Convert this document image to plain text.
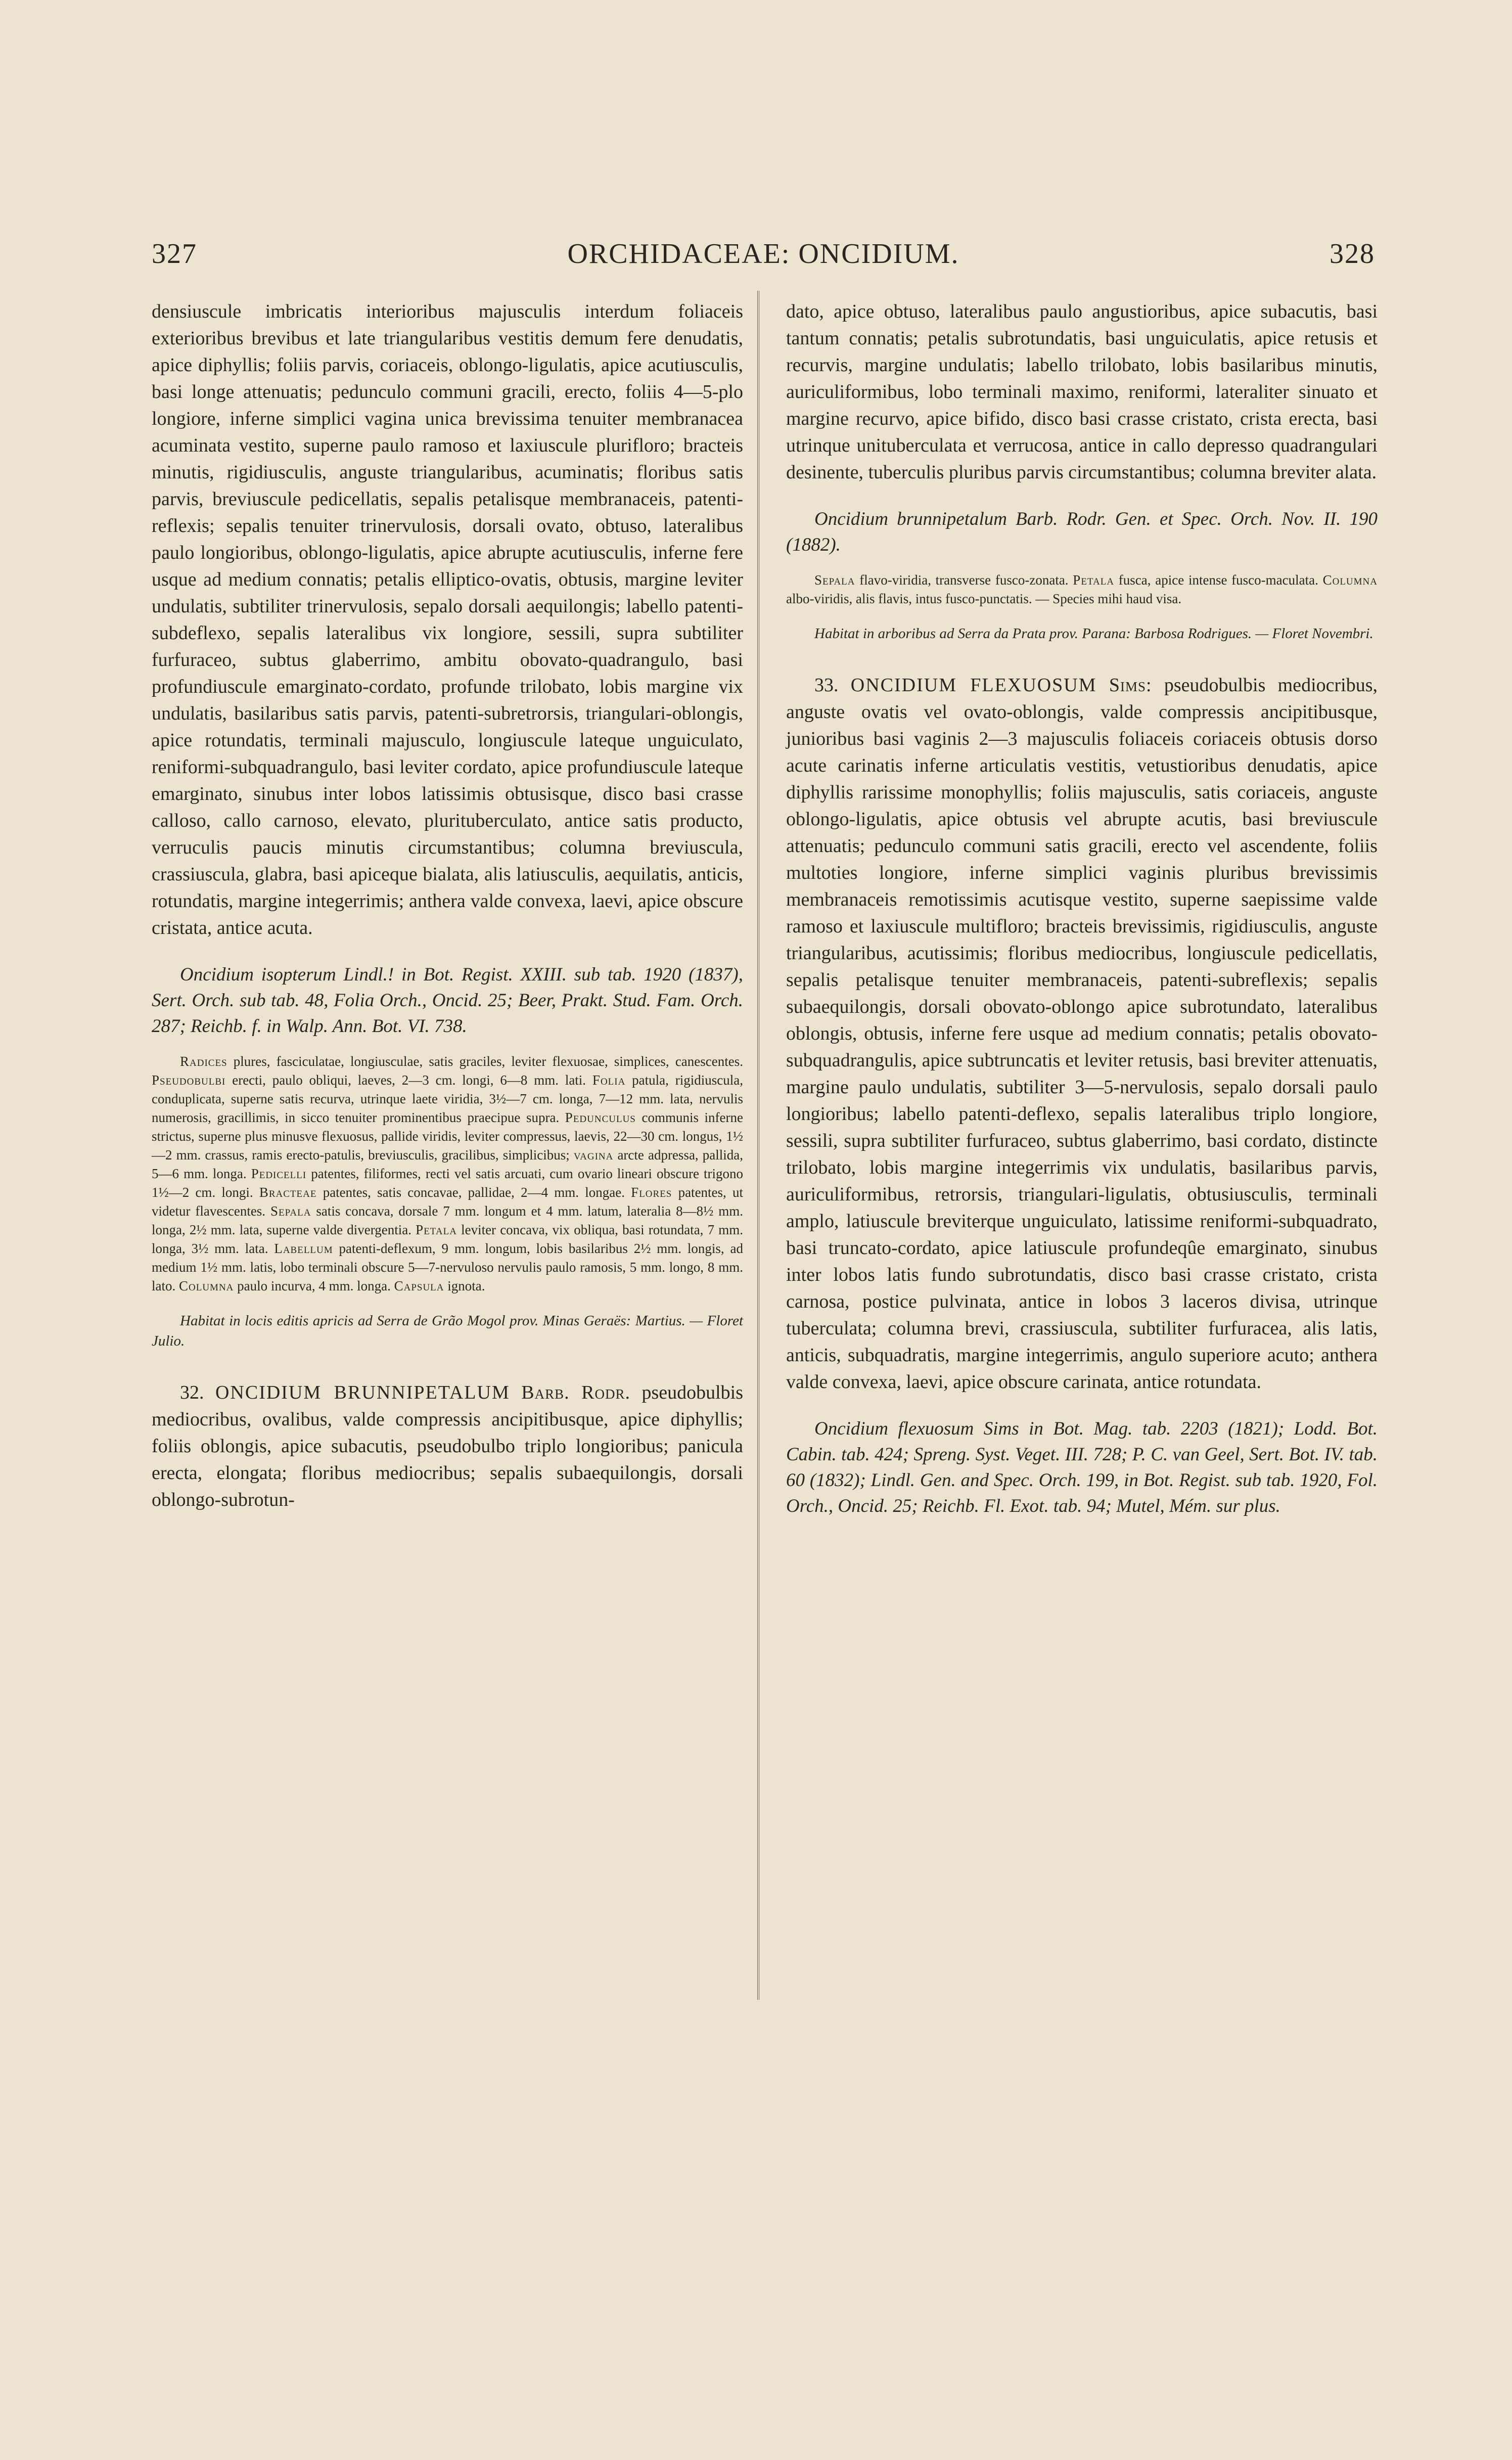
327	ORCHIDACEAE: ONCIDIUM.	328

densiuscule imbricatis interioribus majusculis interdum foliaceis exterioribus brevibus et late triangularibus vestitis demum fere denudatis, apice diphyllis; foliis parvis, coriaceis, oblongo-ligulatis, apice acutiusculis, basi longe attenuatis; pedunculo communi gracili, erecto, foliis 4—5-plo longiore, inferne simplici vagina unica brevissima tenuiter membranacea acuminata vestito, superne paulo ramoso et laxiuscule plurifloro; bracteis minutis, rigidiusculis, anguste triangularibus, acuminatis; floribus satis parvis, breviuscule pedicellatis, sepalis petalisque membranaceis, patenti-reflexis; sepalis tenuiter trinervulosis, dorsali ovato, obtuso, lateralibus paulo longioribus, oblongo-ligulatis, apice abrupte acutiusculis, inferne fere usque ad medium connatis; petalis elliptico-ovatis, obtusis, margine leviter undulatis, subtiliter trinervulosis, sepalo dorsali aequilongis; labello patenti-subdeflexo, sepalis lateralibus vix longiore, sessili, supra subtiliter furfuraceo, subtus glaberrimo, ambitu obovato-quadrangulo, basi profundiuscule emarginato-cordato, profunde trilobato, lobis margine vix undulatis, basilaribus satis parvis, patenti-subretrorsis, triangulari-oblongis, apice rotundatis, terminali majusculo, longiuscule lateque unguiculato, reniformi-subquadrangulo, basi leviter cordato, apice profundiuscule lateque emarginato, sinubus inter lobos latissimis obtusisque, disco basi crasse calloso, callo carnoso, elevato, plurituberculato, antice satis producto, verruculis paucis minutis circumstantibus; columna breviuscula, crassiuscula, glabra, basi apiceque bialata, alis latiusculis, aequilatis, anticis, rotundatis, margine integerrimis; anthera valde convexa, laevi, apice obscure cristata, antice acuta.

Oncidium isopterum Lindl.! in Bot. Regist. XXIII. sub tab. 1920 (1837), Sert. Orch. sub tab. 48, Folia Orch., Oncid. 25; Beer, Prakt. Stud. Fam. Orch. 287; Reichb. f. in Walp. Ann. Bot. VI. 738.

Radices plures, fasciculatae, longiusculae, satis graciles, leviter flexuosae, simplices, canescentes. Pseudobulbi erecti, paulo obliqui, laeves, 2—3 cm. longi, 6—8 mm. lati. Folia patula, rigidiuscula, conduplicata, superne satis recurva, utrinque laete viridia, 3½—7 cm. longa, 7—12 mm. lata, nervulis numerosis, gracillimis, in sicco tenuiter prominentibus praecipue supra. Pedunculus communis inferne strictus, superne plus minusve flexuosus, pallide viridis, leviter compressus, laevis, 22—30 cm. longus, 1½—2 mm. crassus, ramis erecto-patulis, breviusculis, gracilibus, simplicibus; vagina arcte adpressa, pallida, 5—6 mm. longa. Pedicelli patentes, filiformes, recti vel satis arcuati, cum ovario lineari obscure trigono 1½—2 cm. longi. Bracteae patentes, satis concavae, pallidae, 2—4 mm. longae. Flores patentes, ut videtur flavescentes. Sepala satis concava, dorsale 7 mm. longum et 4 mm. latum, lateralia 8—8½ mm. longa, 2½ mm. lata, superne valde divergentia. Petala leviter concava, vix obliqua, basi rotundata, 7 mm. longa, 3½ mm. lata. Labellum patenti-deflexum, 9 mm. longum, lobis basilaribus 2½ mm. longis, ad medium 1½ mm. latis, lobo terminali obscure 5—7-nervuloso nervulis paulo ramosis, 5 mm. longo, 8 mm. lato. Columna paulo incurva, 4 mm. longa. Capsula ignota.

Habitat in locis editis apricis ad Serra de Grão Mogol prov. Minas Geraës: Martius. — Floret Julio.

32. ONCIDIUM BRUNNIPETALUM Barb. Rodr. pseudobulbis mediocribus, ovalibus, valde compressis ancipitibusque, apice diphyllis; foliis oblongis, apice subacutis, pseudobulbo triplo longioribus; panicula erecta, elongata; floribus mediocribus; sepalis subaequilongis, dorsali oblongo-subrotun-

dato, apice obtuso, lateralibus paulo angustioribus, apice subacutis, basi tantum connatis; petalis subrotundatis, basi unguiculatis, apice retusis et recurvis, margine undulatis; labello trilobato, lobis basilaribus minutis, auriculiformibus, lobo terminali maximo, reniformi, lateraliter sinuato et margine recurvo, apice bifido, disco basi crasse cristato, crista erecta, basi utrinque unituberculata et verrucosa, antice in callo depresso quadrangulari desinente, tuberculis pluribus parvis circumstantibus; columna breviter alata.

Oncidium brunnipetalum Barb. Rodr. Gen. et Spec. Orch. Nov. II. 190 (1882).

Sepala flavo-viridia, transverse fusco-zonata. Petala fusca, apice intense fusco-maculata. Columna albo-viridis, alis flavis, intus fusco-punctatis. — Species mihi haud visa.

Habitat in arboribus ad Serra da Prata prov. Parana: Barbosa Rodrigues. — Floret Novembri.

33. ONCIDIUM FLEXUOSUM Sims: pseudobulbis mediocribus, anguste ovatis vel ovato-oblongis, valde compressis ancipitibusque, junioribus basi vaginis 2—3 majusculis foliaceis coriaceis obtusis dorso acute carinatis inferne articulatis vestitis, vetustioribus denudatis, apice diphyllis rarissime monophyllis; foliis majusculis, satis coriaceis, anguste oblongo-ligulatis, apice obtusis vel abrupte acutis, basi breviuscule attenuatis; pedunculo communi satis gracili, erecto vel ascendente, foliis multoties longiore, inferne simplici vaginis pluribus brevissimis membranaceis remotissimis acutisque vestito, superne saepissime valde ramoso et laxiuscule multifloro; bracteis brevissimis, rigidiusculis, anguste triangularibus, acutissimis; floribus mediocribus, longiuscule pedicellatis, sepalis petalisque tenuiter membranaceis, patenti-subreflexis; sepalis subaequilongis, dorsali obovato-oblongo apice subrotundato, lateralibus oblongis, obtusis, inferne fere usque ad medium connatis; petalis obovato-subquadrangulis, apice subtruncatis et leviter retusis, basi breviter attenuatis, margine paulo undulatis, subtiliter 3—5-nervulosis, sepalo dorsali paulo longioribus; labello patenti-deflexo, sepalis lateralibus triplo longiore, sessili, supra subtiliter furfuraceo, subtus glaberrimo, basi cordato, distincte trilobato, lobis margine integerrimis vix undulatis, basilaribus parvis, auriculiformibus, retrorsis, triangulari-ligulatis, obtusiusculis, terminali amplo, latiuscule breviterque unguiculato, latissime reniformi-subquadrato, basi truncato-cordato, apice latiuscule profundeqûe emarginato, sinubus inter lobos latis fundo subrotundatis, disco basi crasse cristato, crista carnosa, postice pulvinata, antice in lobos 3 laceros divisa, utrinque tuberculata; columna brevi, crassiuscula, subtiliter furfuracea, alis latis, anticis, subquadratis, margine integerrimis, angulo superiore acuto; anthera valde convexa, laevi, apice obscure carinata, antice rotundata.

Oncidium flexuosum Sims in Bot. Mag. tab. 2203 (1821); Lodd. Bot. Cabin. tab. 424; Spreng. Syst. Veget. III. 728; P. C. van Geel, Sert. Bot. IV. tab. 60 (1832); Lindl. Gen. and Spec. Orch. 199, in Bot. Regist. sub tab. 1920, Fol. Orch., Oncid. 25; Reichb. Fl. Exot. tab. 94; Mutel, Mém. sur plus.
